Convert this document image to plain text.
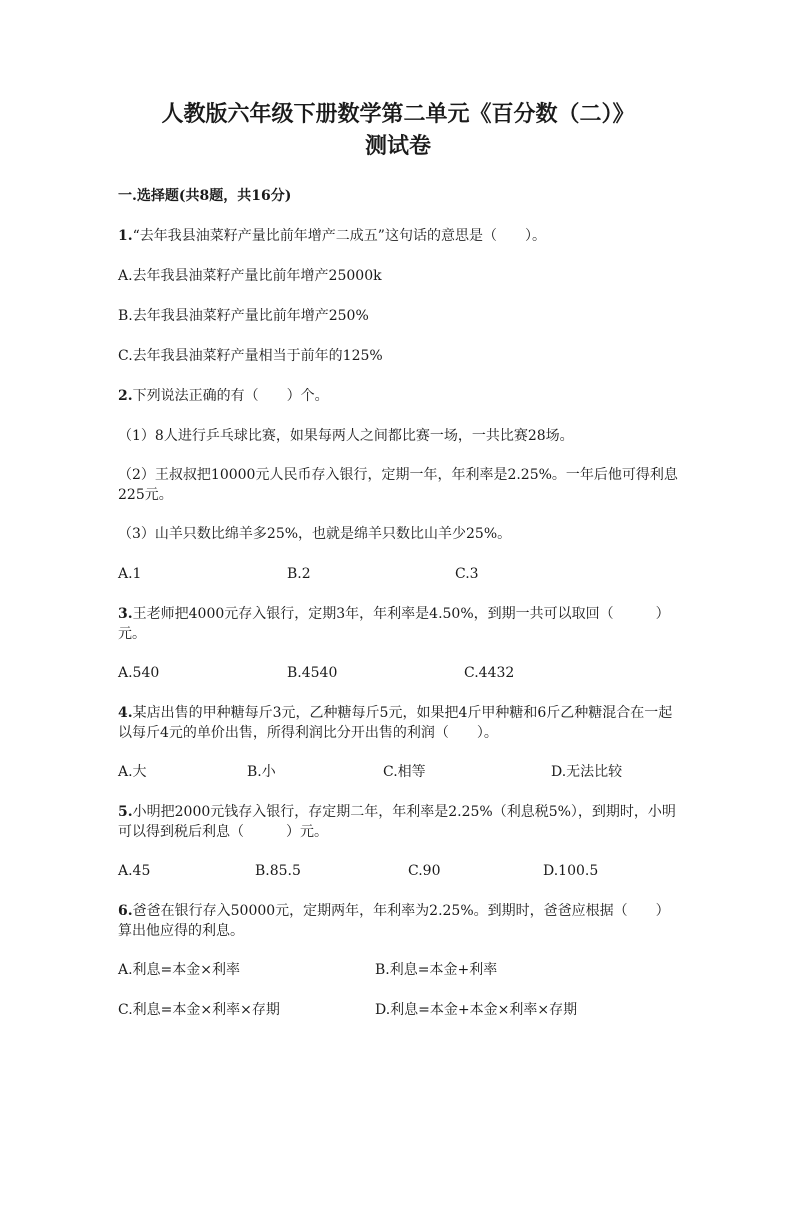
人教版六年级下册数学第二单元《百分数（二）》
测试卷
一.选择题(共8题，共16分)
1.“去年我县油菜籽产量比前年增产二成五”这句话的意思是（　　）。
A.去年我县油菜籽产量比前年增产25000k
B.去年我县油菜籽产量比前年增产250%
C.去年我县油菜籽产量相当于前年的125%
2.下列说法正确的有（　　）个。
（1）8人进行乒乓球比赛，如果每两人之间都比赛一场，一共比赛28场。
（2）王叔叔把10000元人民币存入银行，定期一年，年利率是2.25%。一年后他可得利息225元。
（3）山羊只数比绵羊多25%，也就是绵羊只数比山羊少25%。
A.1	B.2	C.3
3.王老师把4000元存入银行，定期3年，年利率是4.50%，到期一共可以取回（　　　）元。
A.540	B.4540	C.4432
4.某店出售的甲种糖每斤3元，乙种糖每斤5元，如果把4斤甲种糖和6斤乙种糖混合在一起以每斤4元的单价出售，所得利润比分开出售的利润（　　）。
A.大	B.小	C.相等	D.无法比较
5.小明把2000元钱存入银行，存定期二年，年利率是2.25%（利息税5%），到期时，小明可以得到税后利息（　　　）元。
A.45	B.85.5	C.90	D.100.5
6.爸爸在银行存入50000元，定期两年，年利率为2.25%。到期时，爸爸应根据（　　）算出他应得的利息。
A.利息=本金×利率	B.利息=本金+利率
C.利息=本金×利率×存期	D.利息=本金+本金×利率×存期
